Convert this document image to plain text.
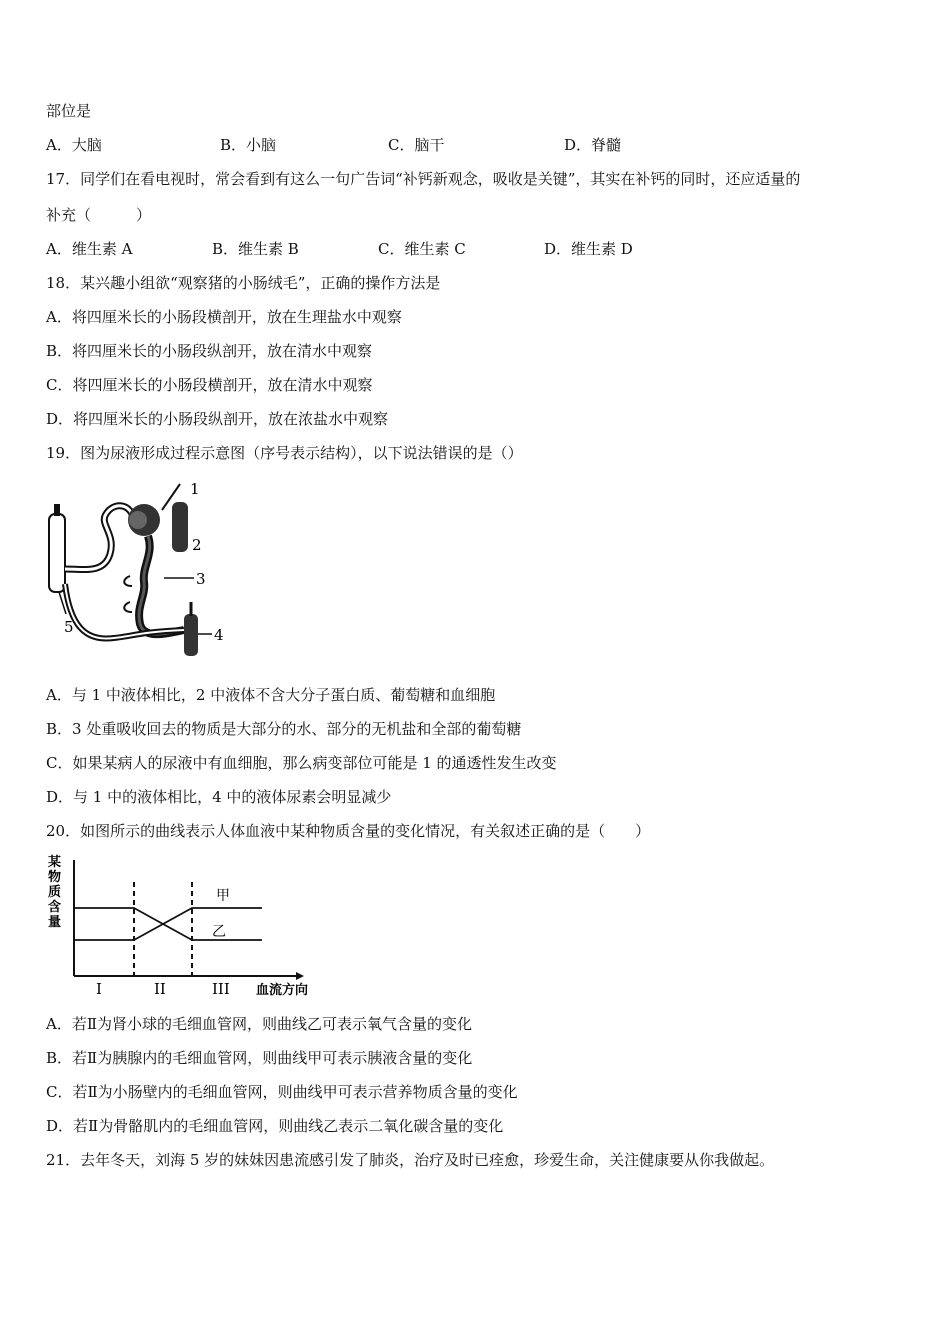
部位是
A．大脑	B．小脑	C．脑干	D．脊髓
17．同学们在看电视时，常会看到有这么一句广告词“补钙新观念，吸收是关键”，其实在补钙的同时，还应适量的
补充（　　　）
A．维生素 A	B．维生素 B	C．维生素 C	D．维生素 D
18．某兴趣小组欲“观察猪的小肠绒毛”，正确的操作方法是
A．将四厘米长的小肠段横剖开，放在生理盐水中观察
B．将四厘米长的小肠段纵剖开，放在清水中观察
C．将四厘米长的小肠段横剖开，放在清水中观察
D．将四厘米长的小肠段纵剖开，放在浓盐水中观察
19．图为尿液形成过程示意图（序号表示结构），以下说法错误的是（）
1
2
3
4
5
A．与 1 中液体相比，2 中液体不含大分子蛋白质、葡萄糖和血细胞
B．3 处重吸收回去的物质是大部分的水、部分的无机盐和全部的葡萄糖
C．如果某病人的尿液中有血细胞，那么病变部位可能是 1 的通透性发生改变
D．与 1 中的液体相比，4 中的液体尿素会明显减少
20．如图所示的曲线表示人体血液中某种物质含量的变化情况，有关叙述正确的是（　　）
某物质含量
甲
乙
I	II	III 血流方向
A．若Ⅱ为肾小球的毛细血管网，则曲线乙可表示氧气含量的变化
B．若Ⅱ为胰腺内的毛细血管网，则曲线甲可表示胰液含量的变化
C．若Ⅱ为小肠壁内的毛细血管网，则曲线甲可表示营养物质含量的变化
D．若Ⅱ为骨骼肌内的毛细血管网，则曲线乙表示二氧化碳含量的变化
21．去年冬天，刘海 5 岁的妹妹因患流感引发了肺炎，治疗及时已痊愈，珍爱生命，关注健康要从你我做起。
